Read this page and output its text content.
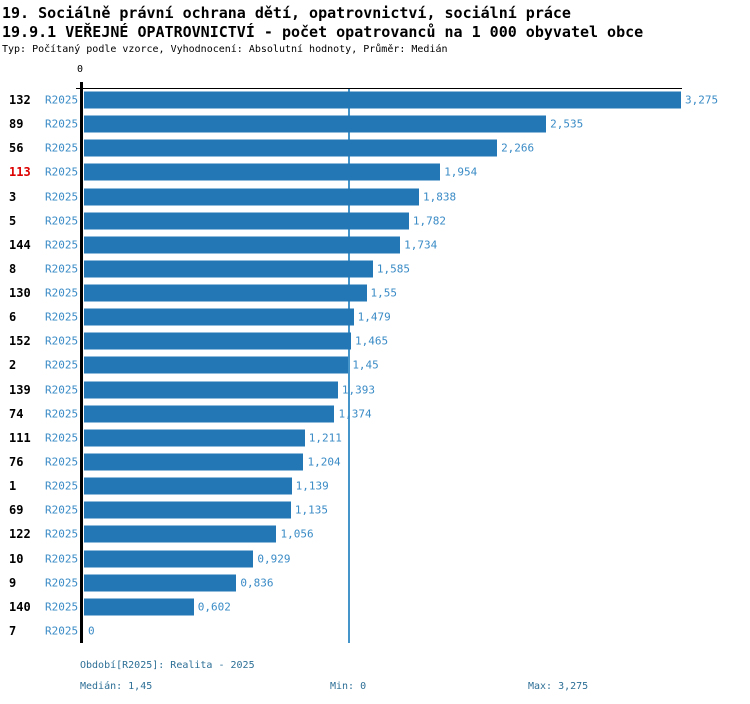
19. Sociálně právní ochrana dětí, opatrovnictví, sociální práce
19.9.1 VEŘEJNÉ OPATROVNICTVÍ - počet opatrovanců na 1 000 obyvatel obce
Typ: Počítaný podle vzorce, Vyhodnocení: Absolutní hodnoty, Průměr: Medián
0
132 R2025	3,275
89 R2025	2,535
56 R2025	2,266
113 R2025	1,954
3	R2025	1,838
5	R2025	1,782
144 R2025	1,734
8	R2025	1,585
130 R2025	1,55
6	R2025	1,479
152 R2025	1,465
2	R2025	1,45
139 R2025	1,393
74 R2025	1,374
111 R2025	1,211
76 R2025	1,204
1	R2025	1,139
69 R2025	1,135
122 R2025	1,056
10 R2025	0,929
9	R2025	0,836
140 R2025	0,602
7	R2025 0
Období[R2025]: Realita - 2025
Medián: 1,45	Min: 0	Max: 3,275
